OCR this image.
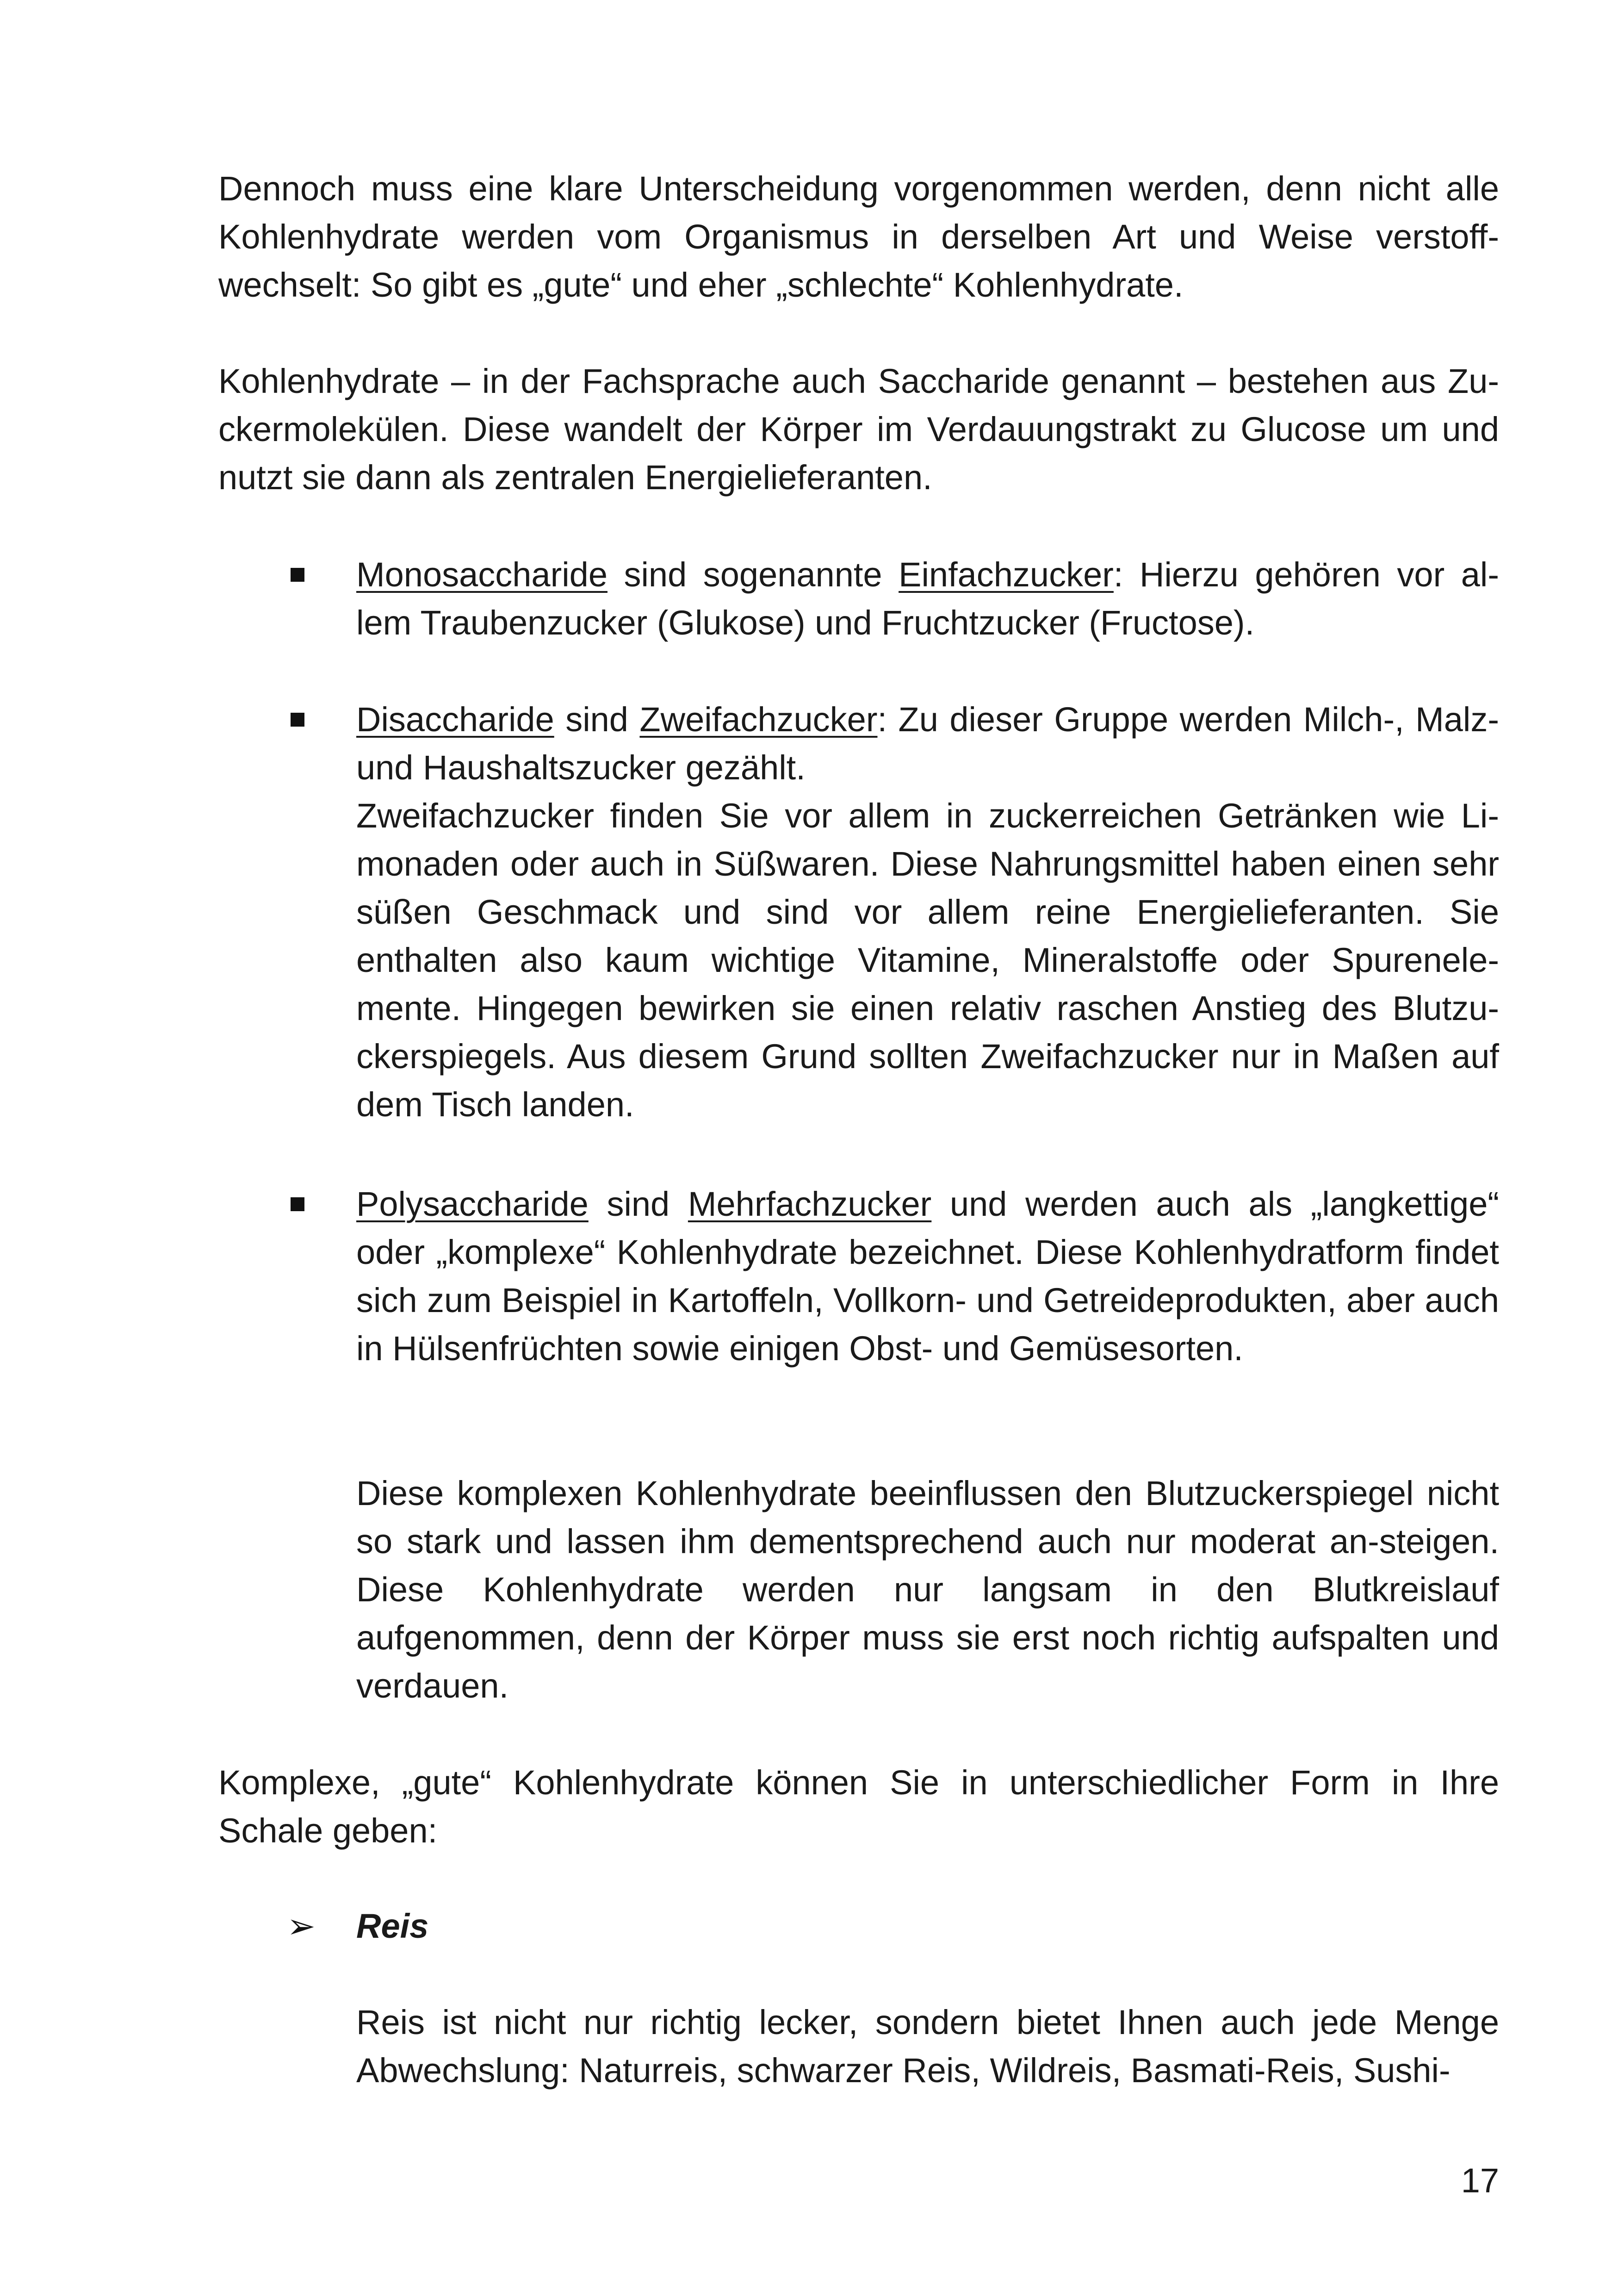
Dennoch muss eine klare Unterscheidung vorgenommen werden, denn nicht alle Kohlenhydrate werden vom Organismus in derselben Art und Weise verstoff-wechselt: So gibt es „gute“ und eher „schlechte“ Kohlenhydrate.

Kohlenhydrate – in der Fachsprache auch Saccharide genannt – bestehen aus Zu-ckermolekülen. Diese wandelt der Körper im Verdauungstrakt zu Glucose um und nutzt sie dann als zentralen Energielieferanten.

Monosaccharide sind sogenannte Einfachzucker: Hierzu gehören vor al-lem Traubenzucker (Glukose) und Fruchtzucker (Fructose).

Disaccharide sind Zweifachzucker: Zu dieser Gruppe werden Milch-, Malz- und Haushaltszucker gezählt.

Zweifachzucker finden Sie vor allem in zuckerreichen Getränken wie Li-monaden oder auch in Süßwaren. Diese Nahrungsmittel haben einen sehr süßen Geschmack und sind vor allem reine Energielieferanten. Sie enthalten also kaum wichtige Vitamine, Mineralstoffe oder Spurenele-mente. Hingegen bewirken sie einen relativ raschen Anstieg des Blutzu-ckerspiegels. Aus diesem Grund sollten Zweifachzucker nur in Maßen auf dem Tisch landen.

Polysaccharide sind Mehrfachzucker und werden auch als „langkettige“ oder „komplexe“ Kohlenhydrate bezeichnet. Diese Kohlenhydratform findet sich zum Beispiel in Kartoffeln, Vollkorn- und Getreideprodukten, aber auch in Hülsenfrüchten sowie einigen Obst- und Gemüsesorten.

Diese komplexen Kohlenhydrate beeinflussen den Blutzuckerspiegel nicht so stark und lassen ihm dementsprechend auch nur moderat an-steigen. Diese Kohlenhydrate werden nur langsam in den Blutkreislauf aufgenommen, denn der Körper muss sie erst noch richtig aufspalten und verdauen.

Komplexe, „gute“ Kohlenhydrate können Sie in unterschiedlicher Form in Ihre Schale geben:

➢ Reis

Reis ist nicht nur richtig lecker, sondern bietet Ihnen auch jede Menge Abwechslung: Naturreis, schwarzer Reis, Wildreis, Basmati-Reis, Sushi-

17
